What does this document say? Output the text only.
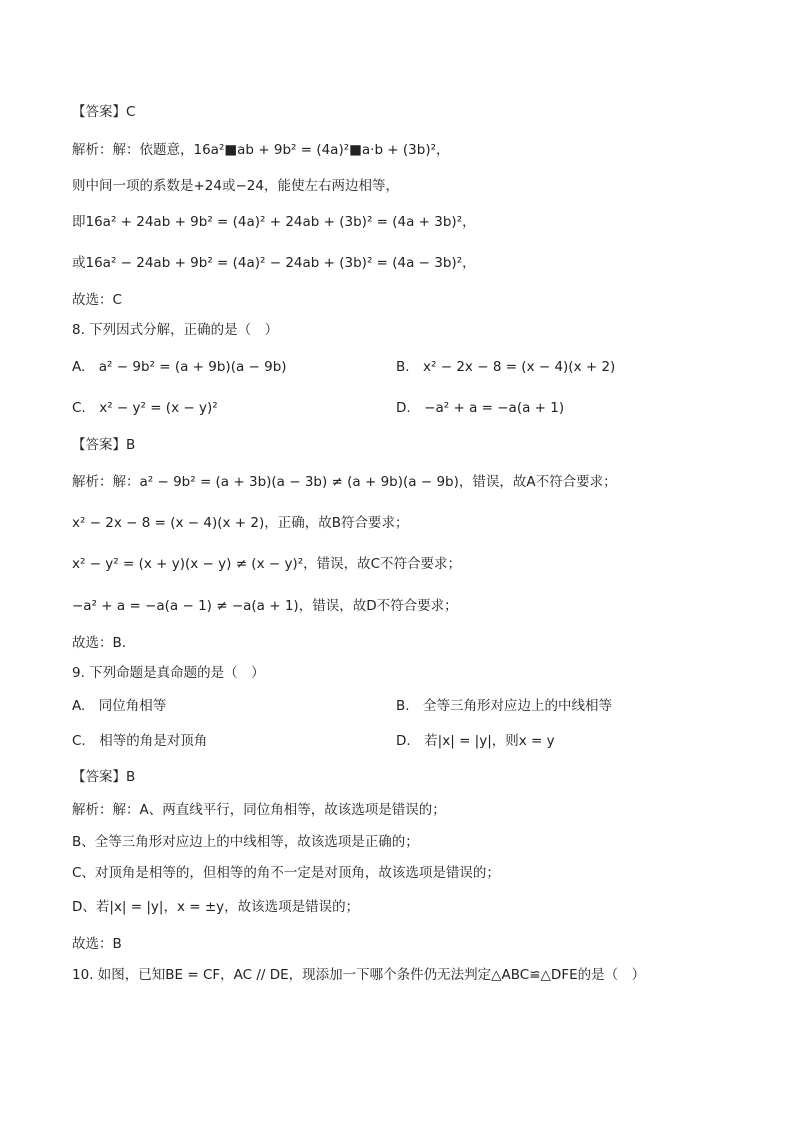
【答案】C
解析：解：依题意，16a²■ab + 9b² = (4a)²■a·b + (3b)²，
则中间一项的系数是+24或−24，能使左右两边相等，
即16a² + 24ab + 9b² = (4a)² + 24ab + (3b)² = (4a + 3b)²，
或16a² − 24ab + 9b² = (4a)² − 24ab + (3b)² = (4a − 3b)²，
故选：C
8. 下列因式分解，正确的是（　）
A.　a² − 9b² = (a + 9b)(a − 9b)	B.　x² − 2x − 8 = (x − 4)(x + 2)
C.　x² − y² = (x − y)²	D.　−a² + a = −a(a + 1)
【答案】B
解析：解：a² − 9b² = (a + 3b)(a − 3b) ≠ (a + 9b)(a − 9b)，错误，故A不符合要求；
x² − 2x − 8 = (x − 4)(x + 2)，正确，故B符合要求；
x² − y² = (x + y)(x − y) ≠ (x − y)²，错误，故C不符合要求；
−a² + a = −a(a − 1) ≠ −a(a + 1)，错误，故D不符合要求；
故选：B．
9. 下列命题是真命题的是（　）
A.　同位角相等	B.　全等三角形对应边上的中线相等
C.　相等的角是对顶角	D.　若|x| = |y|，则x = y
【答案】B
解析：解：A、两直线平行，同位角相等，故该选项是错误的；
B、全等三角形对应边上的中线相等，故该选项是正确的；
C、对顶角是相等的，但相等的角不一定是对顶角，故该选项是错误的；
D、若|x| = |y|，x = ±y，故该选项是错误的；
故选：B
10. 如图，已知BE = CF，AC // DE，现添加一下哪个条件仍无法判定△ABC≌△DFE的是（　）
